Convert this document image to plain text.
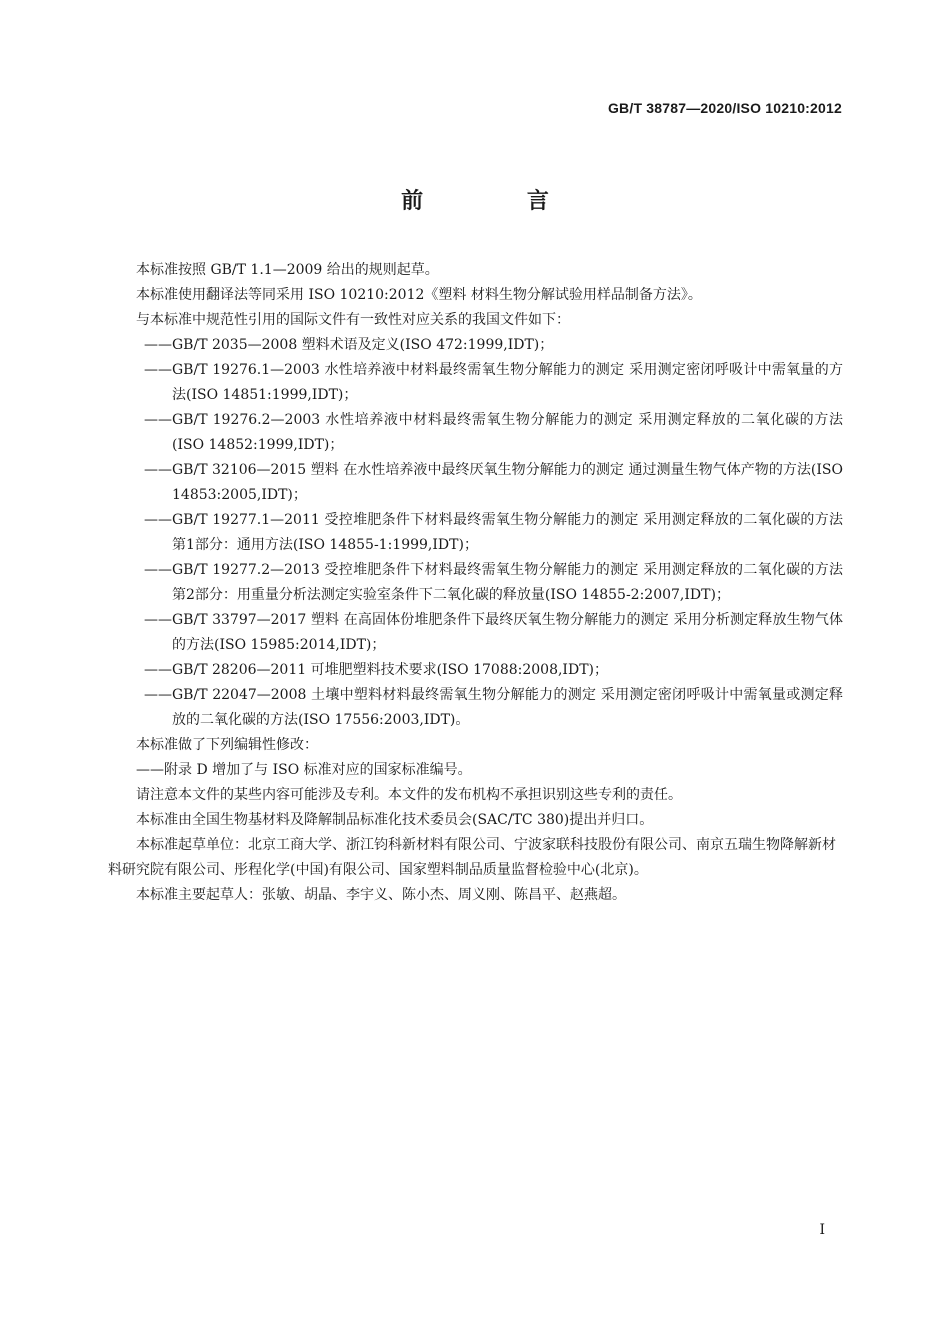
GB/T 38787—2020/ISO 10210:2012
前 言
本标准按照 GB/T 1.1—2009 给出的规则起草。
本标准使用翻译法等同采用 ISO 10210:2012《塑料 材料生物分解试验用样品制备方法》。
与本标准中规范性引用的国际文件有一致性对应关系的我国文件如下：
——GB/T 2035—2008 塑料术语及定义(ISO 472:1999,IDT)；
——GB/T 19276.1—2003 水性培养液中材料最终需氧生物分解能力的测定 采用测定密闭呼吸计中需氧量的方法(ISO 14851:1999,IDT)；
——GB/T 19276.2—2003 水性培养液中材料最终需氧生物分解能力的测定 采用测定释放的二氧化碳的方法(ISO 14852:1999,IDT)；
——GB/T 32106—2015 塑料 在水性培养液中最终厌氧生物分解能力的测定 通过测量生物气体产物的方法(ISO 14853:2005,IDT)；
——GB/T 19277.1—2011 受控堆肥条件下材料最终需氧生物分解能力的测定 采用测定释放的二氧化碳的方法 第1部分：通用方法(ISO 14855-1:1999,IDT)；
——GB/T 19277.2—2013 受控堆肥条件下材料最终需氧生物分解能力的测定 采用测定释放的二氧化碳的方法 第2部分：用重量分析法测定实验室条件下二氧化碳的释放量(ISO 14855-2:2007,IDT)；
——GB/T 33797—2017 塑料 在高固体份堆肥条件下最终厌氧生物分解能力的测定 采用分析测定释放生物气体的方法(ISO 15985:2014,IDT)；
——GB/T 28206—2011 可堆肥塑料技术要求(ISO 17088:2008,IDT)；
——GB/T 22047—2008 土壤中塑料材料最终需氧生物分解能力的测定 采用测定密闭呼吸计中需氧量或测定释放的二氧化碳的方法(ISO 17556:2003,IDT)。
本标准做了下列编辑性修改：
——附录 D 增加了与 ISO 标准对应的国家标准编号。
请注意本文件的某些内容可能涉及专利。本文件的发布机构不承担识别这些专利的责任。
本标准由全国生物基材料及降解制品标准化技术委员会(SAC/TC 380)提出并归口。
本标准起草单位：北京工商大学、浙江钧科新材料有限公司、宁波家联科技股份有限公司、南京五瑞生物降解新材料研究院有限公司、彤程化学(中国)有限公司、国家塑料制品质量监督检验中心(北京)。
本标准主要起草人：张敏、胡晶、李宇义、陈小杰、周义刚、陈昌平、赵燕超。
I
